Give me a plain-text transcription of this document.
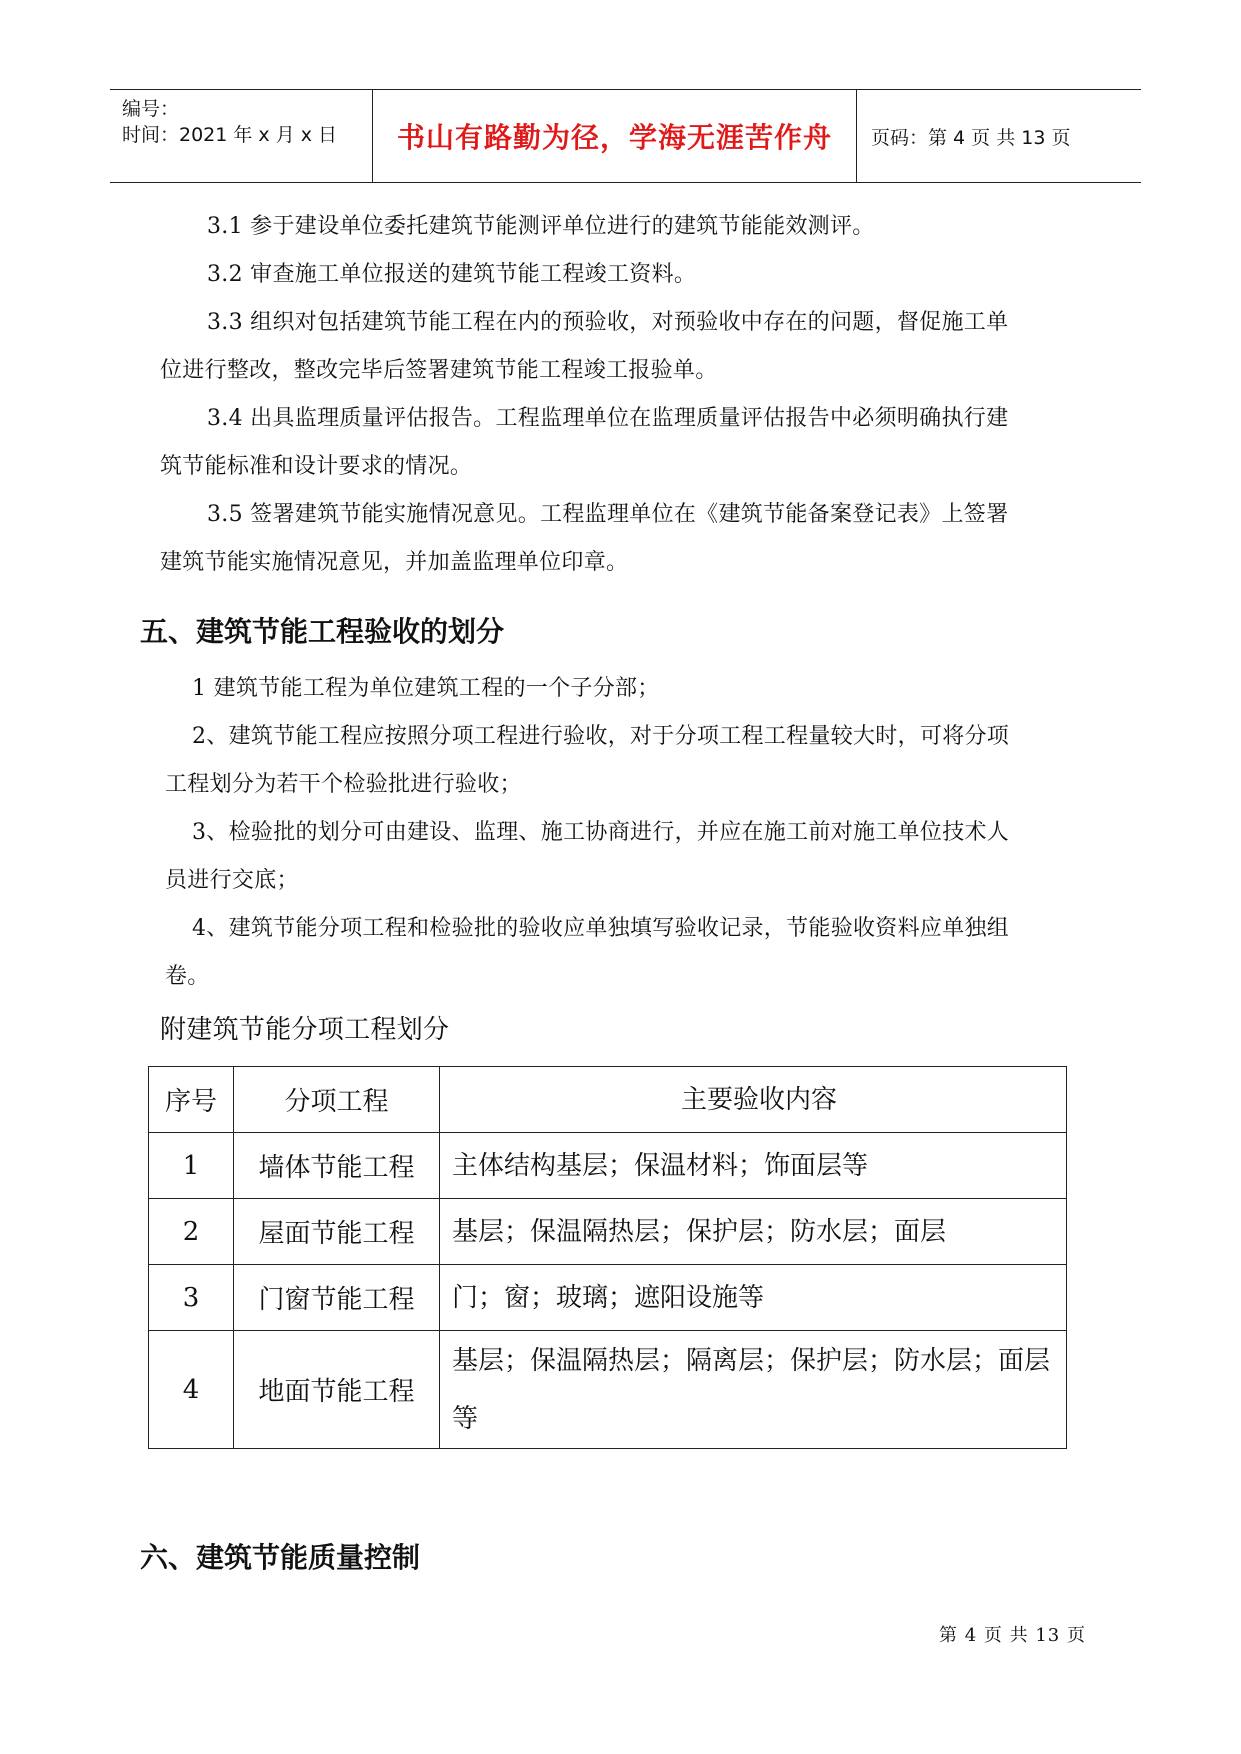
编号：
时间：2021 年 x 月 x 日 书山有路勤为径，学海无涯苦作舟 页码：第 4 页 共 13 页
3.1 参于建设单位委托建筑节能测评单位进行的建筑节能能效测评。
3.2 审查施工单位报送的建筑节能工程竣工资料。
3.3 组织对包括建筑节能工程在内的预验收，对预验收中存在的问题，督促施工单
位进行整改，整改完毕后签署建筑节能工程竣工报验单。
3.4 出具监理质量评估报告。工程监理单位在监理质量评估报告中必须明确执行建
筑节能标准和设计要求的情况。
3.5 签署建筑节能实施情况意见。工程监理单位在《建筑节能备案登记表》上签署
建筑节能实施情况意见，并加盖监理单位印章。
五、建筑节能工程验收的划分
1 建筑节能工程为单位建筑工程的一个子分部；
2、建筑节能工程应按照分项工程进行验收，对于分项工程工程量较大时，可将分项
工程划分为若干个检验批进行验收；
3、检验批的划分可由建设、监理、施工协商进行，并应在施工前对施工单位技术人
员进行交底；
4、建筑节能分项工程和检验批的验收应单独填写验收记录，节能验收资料应单独组
卷。
附建筑节能分项工程划分
序号	分项工程	主要验收内容
1	墙体节能工程	主体结构基层；保温材料；饰面层等
2	屋面节能工程	基层；保温隔热层；保护层；防水层；面层
3	门窗节能工程	门；窗；玻璃；遮阳设施等
4	地面节能工程	基层；保温隔热层；隔离层；保护层；防水层；面层等
六、建筑节能质量控制
第 4 页 共 13 页
